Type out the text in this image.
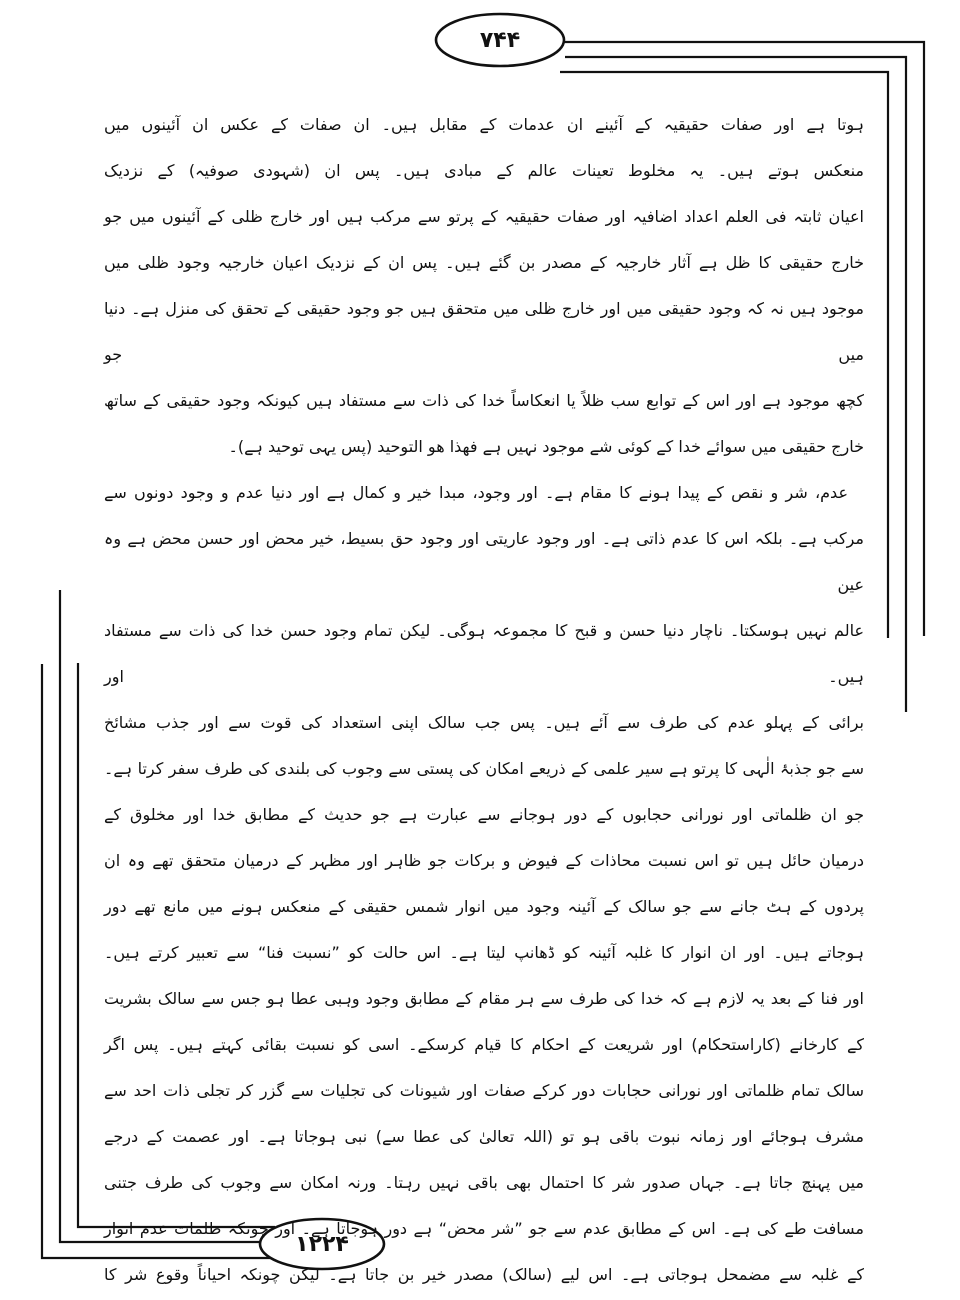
۷۴۴
۱۲۲۴
ہوتا ہے اور صفات حقیقیہ کے آئینے ان عدمات کے مقابل ہیں۔ ان صفات کے عکس ان آئینوں میں
منعکس ہوتے ہیں۔ یہ مخلوط تعینات عالم کے مبادی ہیں۔ پس ان (شہودی صوفیہ) کے نزدیک
اعیان ثابتہ فی العلم اعداد اضافیہ اور صفات حقیقیہ کے پرتو سے مرکب ہیں اور خارج ظلی کے آئینوں میں جو
خارج حقیقی کا ظل ہے آثار خارجیہ کے مصدر بن گئے ہیں۔ پس ان کے نزدیک اعیان خارجیہ وجود ظلی میں
موجود ہیں نہ کہ وجود حقیقی میں اور خارج ظلی میں متحقق ہیں جو وجود حقیقی کے تحقق کی منزل ہے۔ دنیا میں جو
کچھ موجود ہے اور اس کے توابع سب ظلاً یا انعکاساً خدا کی ذات سے مستفاد ہیں کیونکہ وجود حقیقی کے ساتھ
خارج حقیقی میں سوائے خدا کے کوئی شے موجود نہیں ہے فھذا ھو التوحید (پس یہی توحید ہے)۔
عدم، شر و نقص کے پیدا ہونے کا مقام ہے۔ اور وجود، مبدا خیر و کمال ہے اور دنیا عدم و وجود دونوں سے
مرکب ہے۔ بلکہ اس کا عدم ذاتی ہے۔ اور وجود عاریتی اور وجود حق بسیط، خیر محض اور حسن محض ہے وہ عین
عالم نہیں ہوسکتا۔ ناچار دنیا حسن و قبح کا مجموعہ ہوگی۔ لیکن تمام وجود حسن خدا کی ذات سے مستفاد ہیں۔ اور
برائی کے پہلو عدم کی طرف سے آئے ہیں۔ پس جب سالک اپنی استعداد کی قوت سے اور جذب مشائخ
سے جو جذبۂ الٰہی کا پرتو ہے سیر علمی کے ذریعے امکان کی پستی سے وجوب کی بلندی کی طرف سفر کرتا ہے۔
جو ان ظلماتی اور نورانی حجابوں کے دور ہوجانے سے عبارت ہے جو حدیث کے مطابق خدا اور مخلوق کے
درمیان حائل ہیں تو اس نسبت محاذات کے فیوض و برکات جو ظاہر اور مظہر کے درمیان متحقق تھے وہ ان
پردوں کے ہٹ جانے سے جو سالک کے آئینہ وجود میں انوار شمس حقیقی کے منعکس ہونے میں مانع تھے دور
ہوجاتے ہیں۔ اور ان انوار کا غلبہ آئینہ کو ڈھانپ لیتا ہے۔ اس حالت کو ”نسبت فنا“ سے تعبیر کرتے ہیں۔
اور فنا کے بعد یہ لازم ہے کہ خدا کی طرف سے ہر مقام کے مطابق وجود وہبی عطا ہو جس سے سالک بشریت
کے کارخانے (کاراستحکام) اور شریعت کے احکام کا قیام کرسکے۔ اسی کو نسبت بقائی کہتے ہیں۔ پس اگر
سالک تمام ظلماتی اور نورانی حجابات دور کرکے صفات اور شیونات کی تجلیات سے گزر کر تجلی ذات احد سے
مشرف ہوجائے اور زمانہ نبوت باقی ہو تو (اللہ تعالیٰ کی عطا سے) نبی ہوجاتا ہے۔ اور عصمت کے درجے
میں پہنچ جاتا ہے۔ جہاں صدور شر کا احتمال بھی باقی نہیں رہتا۔ ورنہ امکان سے وجوب کی طرف جتنی
مسافت طے کی ہے۔ اس کے مطابق عدم سے جو ”شر محض“ ہے دور ہوجاتا ہے۔ اور چونکہ ظلمات عدم انوار
کے غلبہ سے مضمحل ہوجاتی ہے۔ اس لیے (سالک) مصدر خیر بن جاتا ہے۔ لیکن چونکہ احیاناً وقوع شر کا
